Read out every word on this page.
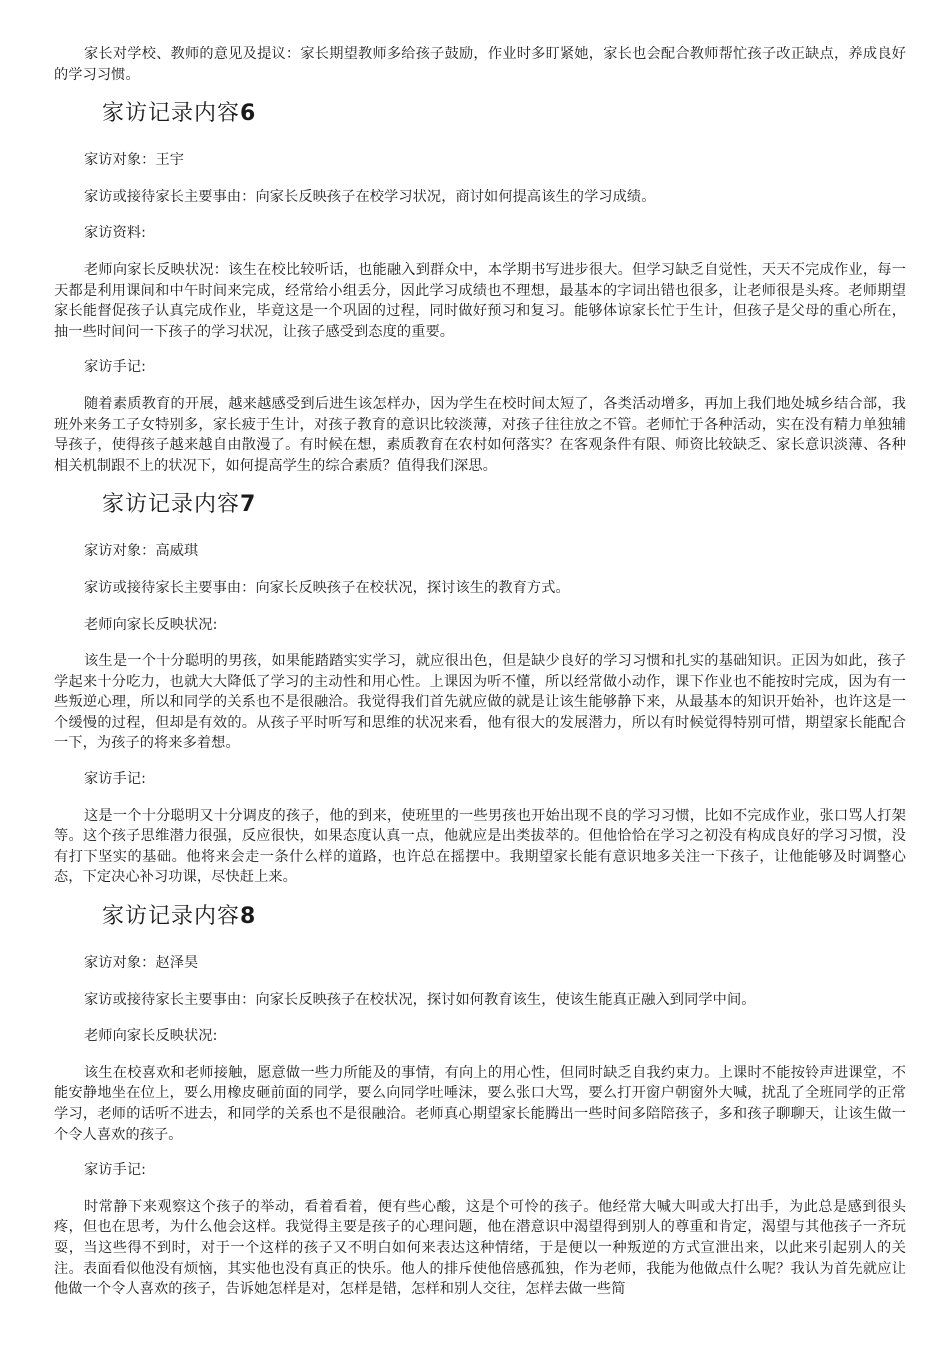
家长对学校、教师的意见及提议：家长期望教师多给孩子鼓励，作业时多盯紧她，家长也会配合教师帮忙孩子改正缺点，养成良好的学习习惯。

家访记录内容6

家访对象：王宇

家访或接待家长主要事由：向家长反映孩子在校学习状况，商讨如何提高该生的学习成绩。

家访资料:

老师向家长反映状况：该生在校比较听话，也能融入到群众中，本学期书写进步很大。但学习缺乏自觉性，天天不完成作业，每一天都是利用课间和中午时间来完成，经常给小组丢分，因此学习成绩也不理想，最基本的字词出错也很多，让老师很是头疼。老师期望家长能督促孩子认真完成作业，毕竟这是一个巩固的过程，同时做好预习和复习。能够体谅家长忙于生计，但孩子是父母的重心所在，抽一些时间问一下孩子的学习状况，让孩子感受到态度的重要。

家访手记:

随着素质教育的开展，越来越感受到后进生该怎样办，因为学生在校时间太短了，各类活动增多，再加上我们地处城乡结合部，我班外来务工子女特别多，家长疲于生计，对孩子教育的意识比较淡薄，对孩子往往放之不管。老师忙于各种活动，实在没有精力单独辅导孩子，使得孩子越来越自由散漫了。有时候在想，素质教育在农村如何落实？在客观条件有限、师资比较缺乏、家长意识淡薄、各种相关机制跟不上的状况下，如何提高学生的综合素质？值得我们深思。

家访记录内容7

家访对象：高威琪

家访或接待家长主要事由：向家长反映孩子在校状况，探讨该生的教育方式。

老师向家长反映状况:

该生是一个十分聪明的男孩，如果能踏踏实实学习，就应很出色，但是缺少良好的学习习惯和扎实的基础知识。正因为如此，孩子学起来十分吃力，也就大大降低了学习的主动性和用心性。上课因为听不懂，所以经常做小动作，课下作业也不能按时完成，因为有一些叛逆心理，所以和同学的关系也不是很融洽。我觉得我们首先就应做的就是让该生能够静下来，从最基本的知识开始补，也许这是一个缓慢的过程，但却是有效的。从孩子平时听写和思维的状况来看，他有很大的发展潜力，所以有时候觉得特别可惜，期望家长能配合一下，为孩子的将来多着想。

家访手记:

这是一个十分聪明又十分调皮的孩子，他的到来，使班里的一些男孩也开始出现不良的学习习惯，比如不完成作业，张口骂人打架等。这个孩子思维潜力很强，反应很快，如果态度认真一点，他就应是出类拔萃的。但他恰恰在学习之初没有构成良好的学习习惯，没有打下坚实的基础。他将来会走一条什么样的道路，也许总在摇摆中。我期望家长能有意识地多关注一下孩子，让他能够及时调整心态，下定决心补习功课，尽快赶上来。

家访记录内容8

家访对象：赵泽昊

家访或接待家长主要事由：向家长反映孩子在校状况，探讨如何教育该生，使该生能真正融入到同学中间。

老师向家长反映状况:

该生在校喜欢和老师接触，愿意做一些力所能及的事情，有向上的用心性，但同时缺乏自我约束力。上课时不能按铃声进课堂，不能安静地坐在位上，要么用橡皮砸前面的同学，要么向同学吐唾沫，要么张口大骂，要么打开窗户朝窗外大喊，扰乱了全班同学的正常学习，老师的话听不进去，和同学的关系也不是很融洽。老师真心期望家长能腾出一些时间多陪陪孩子，多和孩子聊聊天，让该生做一个令人喜欢的孩子。

家访手记:

时常静下来观察这个孩子的举动，看着看着，便有些心酸，这是个可怜的孩子。他经常大喊大叫或大打出手，为此总是感到很头疼，但也在思考，为什么他会这样。我觉得主要是孩子的心理问题，他在潜意识中渴望得到别人的尊重和肯定，渴望与其他孩子一齐玩耍，当这些得不到时，对于一个这样的孩子又不明白如何来表达这种情绪，于是便以一种叛逆的方式宣泄出来，以此来引起别人的关注。表面看似他没有烦恼，其实他也没有真正的快乐。他人的排斥使他倍感孤独，作为老师，我能为他做点什么呢？我认为首先就应让他做一个令人喜欢的孩子，告诉她怎样是对，怎样是错，怎样和别人交往，怎样去做一些简
